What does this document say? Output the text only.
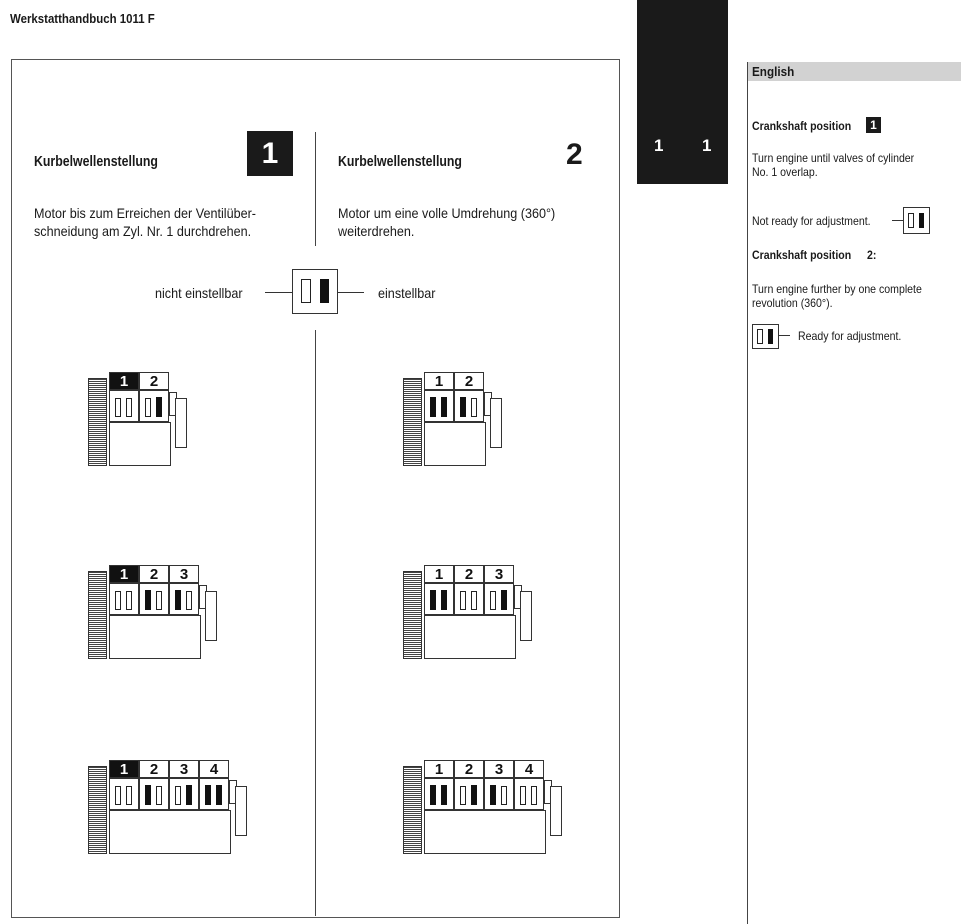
Werkstatthandbuch 1011 F
Kurbelwellenstellung	1
Motor bis zum Erreichen der Ventilüber-
schneidung am Zyl. Nr. 1 durchdrehen.
Kurbelwellenstellung	2
Motor um eine volle Umdrehung (360°)
weiterdrehen.
nicht einstellbar	einstellbar
1	2
1	2	3
1	2	3	4
1	2
1	2	3
1	2	3	4
1 1
English
Crankshaft position	1
Turn engine until valves of cylinder
No. 1 overlap.
Not ready for adjustment.
Crankshaft position 2:
Turn engine further by one complete
revolution (360°).
Ready for adjustment.
